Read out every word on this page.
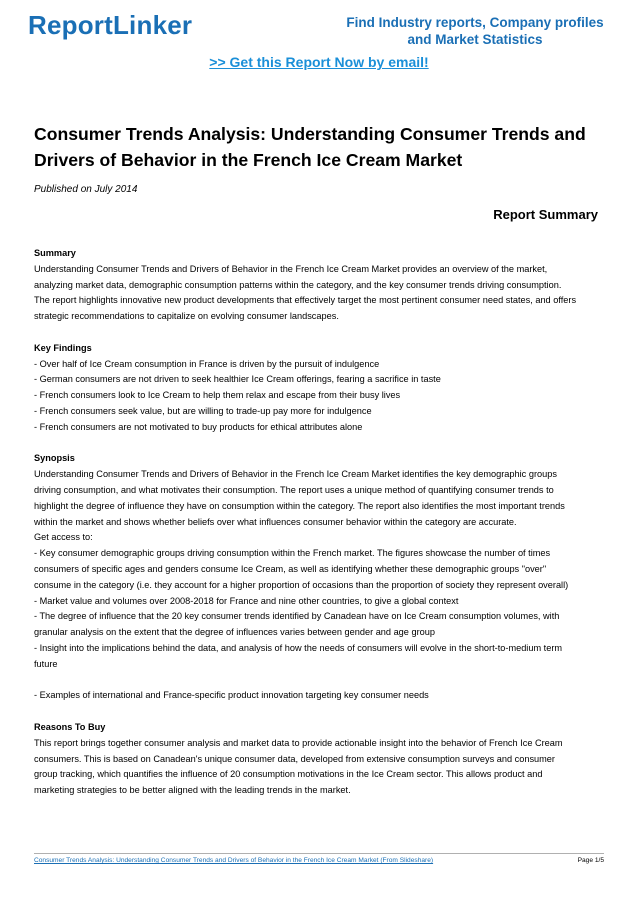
ReportLinker	Find Industry reports, Company profiles
and Market Statistics
>> Get this Report Now by email!
Consumer Trends Analysis: Understanding Consumer Trends and
Drivers of Behavior in the French Ice Cream Market
Published on July 2014
Report Summary
Summary
Understanding Consumer Trends and Drivers of Behavior in the French Ice Cream Market provides an overview of the market,
analyzing market data, demographic consumption patterns within the category, and the key consumer trends driving consumption.
The report highlights innovative new product developments that effectively target the most pertinent consumer need states, and offers
strategic recommendations to capitalize on evolving consumer landscapes.
Key Findings
- Over half of Ice Cream consumption in France is driven by the pursuit of indulgence
- German consumers are not driven to seek healthier Ice Cream offerings, fearing a sacrifice in taste
- French consumers look to Ice Cream to help them relax and escape from their busy lives
- French consumers seek value, but are willing to trade-up pay more for indulgence
- French consumers are not motivated to buy products for ethical attributes alone
Synopsis
Understanding Consumer Trends and Drivers of Behavior in the French Ice Cream Market identifies the key demographic groups
driving consumption, and what motivates their consumption. The report uses a unique method of quantifying consumer trends to
highlight the degree of influence they have on consumption within the category. The report also identifies the most important trends
within the market and shows whether beliefs over what influences consumer behavior within the category are accurate.
Get access to:
- Key consumer demographic groups driving consumption within the French market. The figures showcase the number of times
consumers of specific ages and genders consume Ice Cream, as well as identifying whether these demographic groups "over"
consume in the category (i.e. they account for a higher proportion of occasions than the proportion of society they represent overall)
- Market value and volumes over 2008-2018 for France and nine other countries, to give a global context
- The degree of influence that the 20 key consumer trends identified by Canadean have on Ice Cream consumption volumes, with
granular analysis on the extent that the degree of influences varies between gender and age group
- Insight into the implications behind the data, and analysis of how the needs of consumers will evolve in the short-to-medium term
future
- Examples of international and France-specific product innovation targeting key consumer needs
Reasons To Buy
This report brings together consumer analysis and market data to provide actionable insight into the behavior of French Ice Cream
consumers. This is based on Canadean's unique consumer data, developed from extensive consumption surveys and consumer
group tracking, which quantifies the influence of 20 consumption motivations in the Ice Cream sector. This allows product and
marketing strategies to be better aligned with the leading trends in the market.
Consumer Trends Analysis: Understanding Consumer Trends and Drivers of Behavior in the French Ice Cream Market (From Slideshare)	Page 1/5
